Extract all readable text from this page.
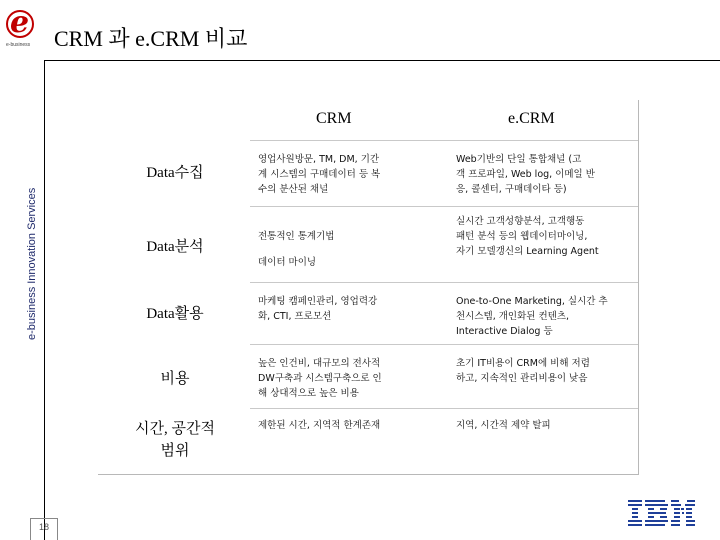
e
e-business CRM 과 e.CRM 비교
e-business Innovation Services
CRM	e.CRM
Data수집
영업사원방문, TM, DM, 기간
계 시스템의 구매데이터 등 복
수의 분산된 채널
Web기반의 단일 통합채널 (고
객 프로파일, Web log, 이메일 반
응, 콜센터, 구매데이타 등)
Data분석
전통적인 통계기법
데이터 마이닝
실시간 고객성향분석, 고객행동
패턴 분석 등의 웹데이터마이닝,
자기 모델갱신의 Learning Agent
Data활용
마케팅 캠페인관리, 영업력강
화, CTI, 프로모션
One-to-One Marketing, 실시간 추
천시스템, 개인화된 컨텐츠,
Interactive Dialog 등
비용
높은 인건비, 대규모의 전사적
DW구축과 시스템구축으로 인
해 상대적으로 높은 비용
초기 IT비용이 CRM에 비해 저렴
하고, 지속적인 관리비용이 낮음
시간, 공간적
범위
제한된 시간, 지역적 한계존재	지역, 시간적 제약 탈피
18
IBM
